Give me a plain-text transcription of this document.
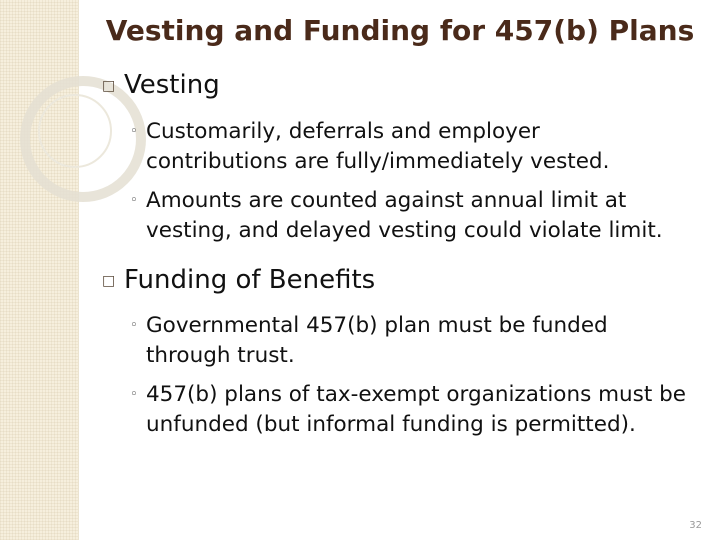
Vesting and Funding for 457(b) Plans
□ Vesting
◦ Customarily, deferrals and employer
contributions are fully/immediately vested.
◦ Amounts are counted against annual limit at
vesting, and delayed vesting could violate limit.
□ Funding of Benefits
◦ Governmental 457(b) plan must be funded
through trust.
◦ 457(b) plans of tax-exempt organizations must be
unfunded (but informal funding is permitted).
32
